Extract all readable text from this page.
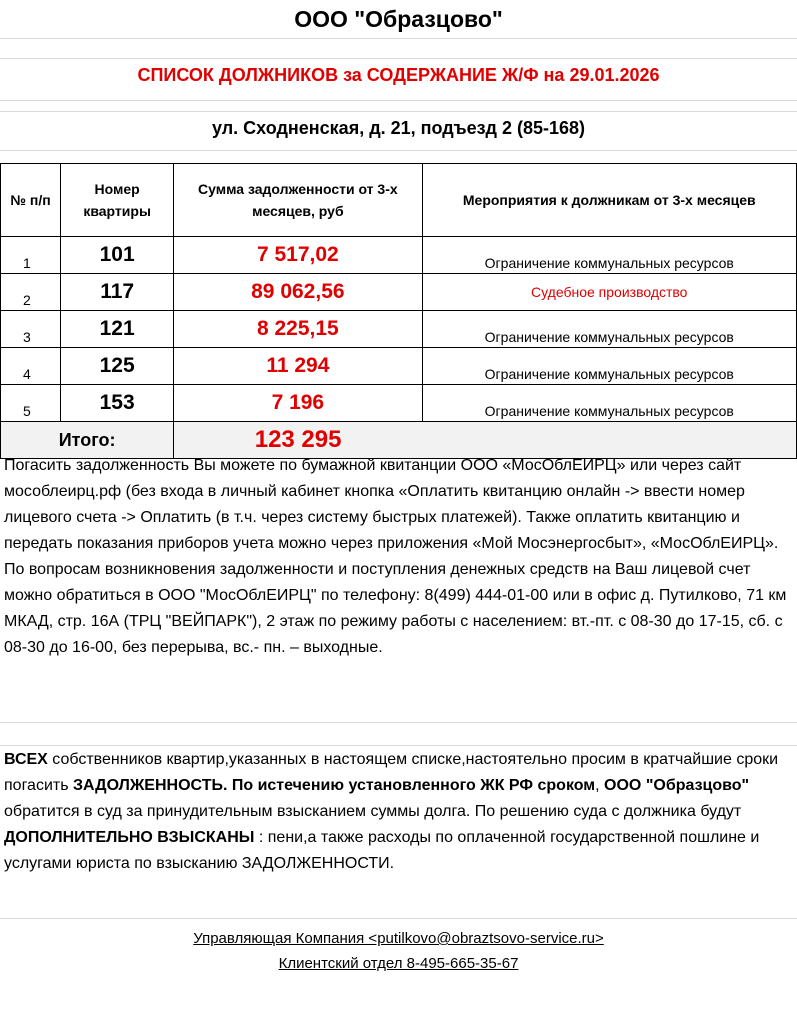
ООО "Образцово"
СПИСОК ДОЛЖНИКОВ за СОДЕРЖАНИЕ Ж/Ф на 29.01.2026
ул. Сходненская, д. 21, подъезд 2 (85-168)
№ п/п	Номер квартиры	Сумма задолженности от 3-х месяцев, руб	Мероприятия к должникам от 3-х месяцев
1	101	7 517,02	Ограничение коммунальных ресурсов
2	117	89 062,56	Судебное производство
3	121	8 225,15	Ограничение коммунальных ресурсов
4	125	11 294	Ограничение коммунальных ресурсов
5	153	7 196	Ограничение коммунальных ресурсов
Итого:		123 295	
Погасить задолженность Вы можете по бумажной квитанции ООО «МосОблЕИРЦ» или через сайт мособлеирц.рф (без входа в личный кабинет кнопка «Оплатить квитанцию онлайн -> ввести номер лицевого счета -> Оплатить (в т.ч. через систему быстрых платежей). Также оплатить квитанцию и передать показания приборов учета можно через приложения «Мой Мосэнергосбыт», «МосОблЕИРЦ».
По вопросам возникновения задолженности и поступления денежных средств на Ваш лицевой счет можно обратиться в ООО "МосОблЕИРЦ" по телефону: 8(499) 444-01-00 или в офис д. Путилково, 71 км МКАД, стр. 16А (ТРЦ "ВЕЙПАРК"), 2 этаж по режиму работы с населением: вт.-пт. с 08-30 до 17-15, сб. с 08-30 до 16-00, без перерыва, вс.- пн. – выходные.
ВСЕХ собственников квартир,указанных в настоящем списке,настоятельно просим в кратчайшие сроки погасить ЗАДОЛЖЕННОСТЬ. По истечению установленного ЖК РФ сроком, ООО "Образцово" обратится в суд за принудительным взысканием суммы долга. По решению суда с должника будут ДОПОЛНИТЕЛЬНО ВЗЫСКАНЫ : пени,а также расходы по оплаченной государственной пошлине и услугами юриста по взысканию ЗАДОЛЖЕННОСТИ.
Управляющая Компания <putilkovo@obraztsovo-service.ru>
Клиентский отдел 8-495-665-35-67
